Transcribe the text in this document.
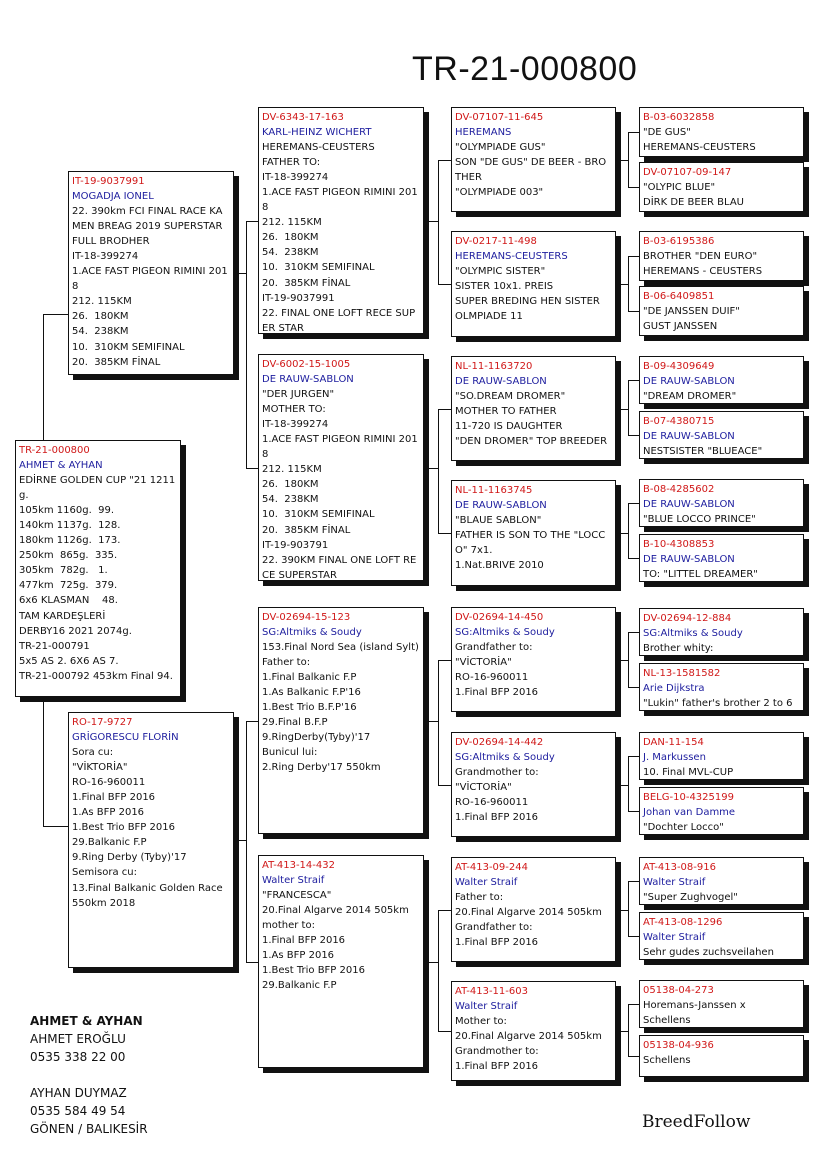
TR-21-000800
TR-21-000800
AHMET & AYHAN
EDİRNE GOLDEN CUP "21 1211g.
105km 1160g.  99.
140km 1137g.  128.
180km 1126g.  173.
250km  865g.  335.
305km  782g.   1.
477km  725g.  379.
6x6 KLASMAN    48.
TAM KARDEŞLERİ
DERBY16 2021 2074g.
TR-21-000791
5x5 AS 2. 6X6 AS 7.
TR-21-000792 453km Final 94.
IT-19-9037991
MOGADJA IONEL
22. 390km FCI FINAL RACE KAMEN BREAG 2019 SUPERSTAR
FULL BRODHER
IT-18-399274
1.ACE FAST PIGEON RIMINI 2018
212. 115KM
26.  180KM
54.  238KM
10.  310KM SEMIFINAL
20.  385KM FİNAL
RO-17-9727
GRİGORESCU FLORİN
Sora cu:
"VİKTORİA"
RO-16-960011
1.Final BFP 2016
1.As BFP 2016
1.Best Trio BFP 2016
29.Balkanic F.P
9.Ring Derby (Tyby)'17
Semisora cu:
13.Final Balkanic Golden Race 550km 2018
DV-6343-17-163
KARL-HEINZ WICHERT
HEREMANS-CEUSTERS
FATHER TO:
IT-18-399274
1.ACE FAST PIGEON RIMINI 2018
212. 115KM
26.  180KM
54.  238KM
10.  310KM SEMIFINAL
20.  385KM FİNAL
IT-19-9037991
22. FINAL ONE LOFT RECE SUPER STAR
DV-6002-15-1005
DE RAUW-SABLON
"DER JURGEN"
MOTHER TO:
IT-18-399274
1.ACE FAST PIGEON RIMINI 2018
212. 115KM
26.  180KM
54.  238KM
10.  310KM SEMIFINAL
20.  385KM FİNAL
IT-19-903791
22. 390KM FINAL ONE LOFT RECE SUPERSTAR
DV-02694-15-123
SG:Altmiks & Soudy
153.Final Nord Sea (island Sylt)
Father to:
1.Final Balkanic F.P
1.As Balkanic F.P'16
1.Best Trio B.F.P'16
29.Final B.F.P
9.RingDerby(Tyby)'17
Bunicul lui:
2.Ring Derby'17 550km
AT-413-14-432
Walter Straif
"FRANCESCA"
20.Final Algarve 2014 505km
mother to:
1.Final BFP 2016
1.As BFP 2016
1.Best Trio BFP 2016
29.Balkanic F.P
DV-07107-11-645
HEREMANS
"OLYMPIADE GUS"
SON "DE GUS" DE BEER - BROTHER
"OLYMPIADE 003"
DV-0217-11-498
HEREMANS-CEUSTERS
"OLYMPIC SISTER"
SISTER 10x1. PREIS
SUPER BREDING HEN SISTER
OLMPIADE 11
NL-11-1163720
DE RAUW-SABLON
"SO.DREAM DROMER"
MOTHER TO FATHER
11-720 IS DAUGHTER
"DEN DROMER" TOP BREEDER
NL-11-1163745
DE RAUW-SABLON
"BLAUE SABLON"
FATHER IS SON TO THE "LOCCO" 7x1.
1.Nat.BRIVE 2010
DV-02694-14-450
SG:Altmiks & Soudy
Grandfather to:
"VİCTORİA"
RO-16-960011
1.Final BFP 2016
DV-02694-14-442
SG:Altmiks & Soudy
Grandmother to:
"VİCTORİA"
RO-16-960011
1.Final BFP 2016
AT-413-09-244
Walter Straif
Father to:
20.Final Algarve 2014 505km
Grandfather to:
1.Final BFP 2016
AT-413-11-603
Walter Straif
Mother to:
20.Final Algarve 2014 505km
Grandmother to:
1.Final BFP 2016
B-03-6032858
"DE GUS"
HEREMANS-CEUSTERS
DV-07107-09-147
"OLYPIC BLUE"
DİRK DE BEER BLAU
B-03-6195386
BROTHER "DEN EURO"
HEREMANS - CEUSTERS
B-06-6409851
"DE JANSSEN DUIF"
GUST JANSSEN
B-09-4309649
DE RAUW-SABLON
"DREAM DROMER"
B-07-4380715
DE RAUW-SABLON
NESTSISTER "BLUEACE"
B-08-4285602
DE RAUW-SABLON
"BLUE LOCCO PRINCE"
B-10-4308853
DE RAUW-SABLON
TO: "LITTEL DREAMER"
DV-02694-12-884
SG:Altmiks & Soudy
Brother whity:
NL-13-1581582
Arie Dijkstra
"Lukin" father's brother 2 to 6
DAN-11-154
J. Markussen
10. Final MVL-CUP
BELG-10-4325199
Johan van Damme
"Dochter Locco"
AT-413-08-916
Walter Straif
"Super Zughvogel"
AT-413-08-1296
Walter Straif
Sehr gudes zuchsveilahen
05138-04-273
Horemans-Janssen x
Schellens
05138-04-936
Schellens
AHMET & AYHAN
AHMET EROĞLU
0535 338 22 00
AYHAN DUYMAZ
0535 584 49 54
GÖNEN / BALIKESİR	BreedFollow
